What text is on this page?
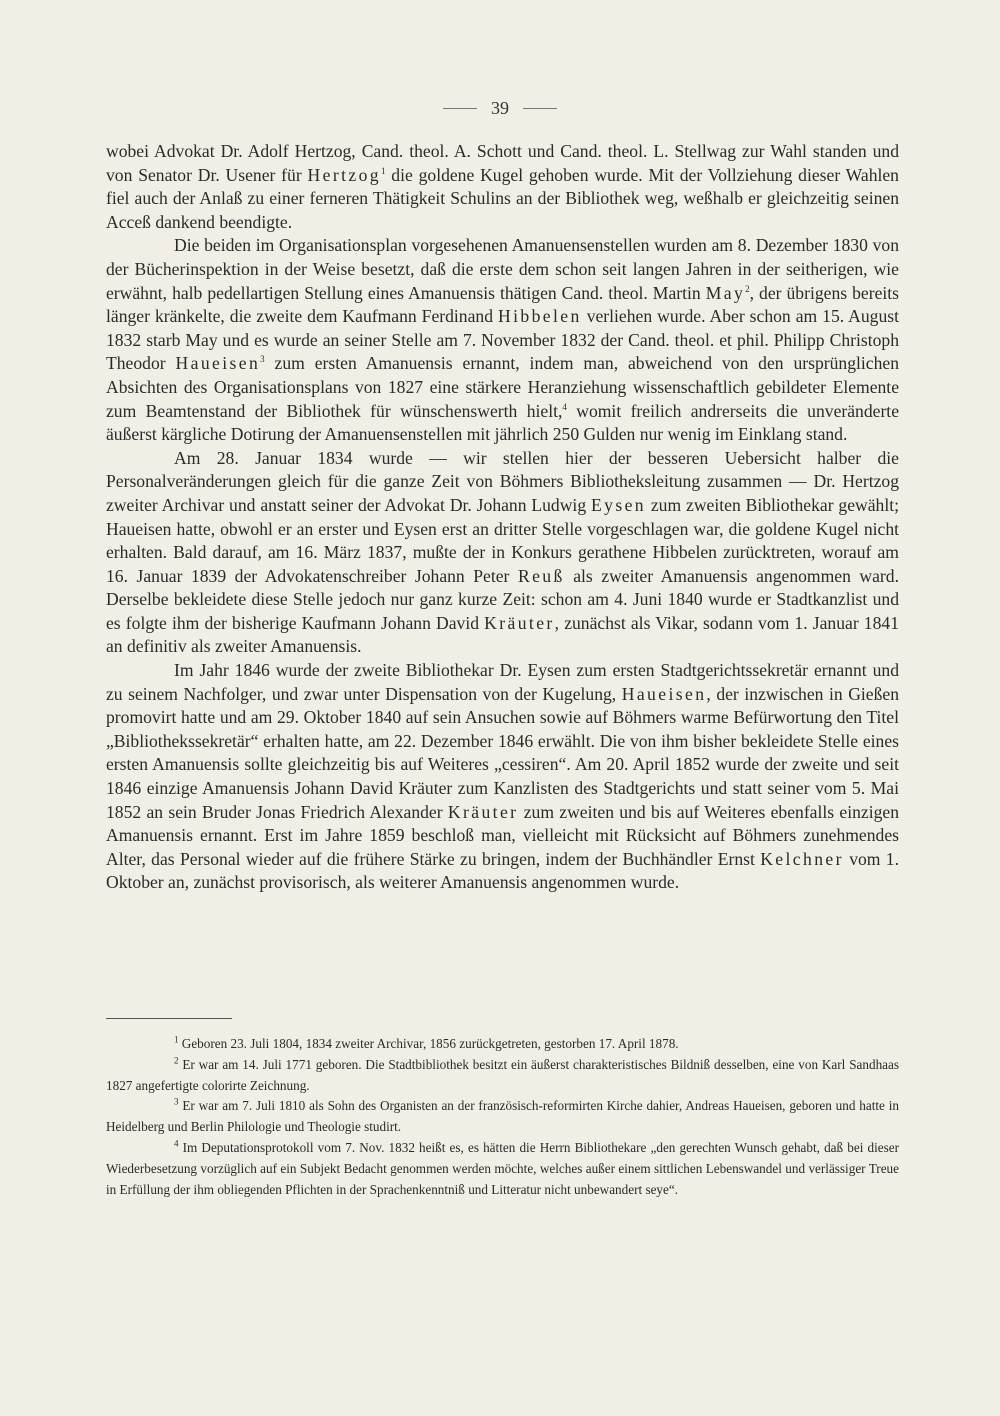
39

wobei Advokat Dr. Adolf Hertzog, Cand. theol. A. Schott und Cand. theol. L. Stellwag zur Wahl standen und von Senator Dr. Usener für Hertzog$^1$ die goldene Kugel gehoben wurde. Mit der Vollziehung dieser Wahlen fiel auch der Anlaß zu einer ferneren Thätigkeit Schulins an der Bibliothek weg, weßhalb er gleichzeitig seinen Acceß dankend beendigte.

Die beiden im Organisationsplan vorgesehenen Amanuensenstellen wurden am 8. Dezember 1830 von der Bücherinspektion in der Weise besetzt, daß die erste dem schon seit langen Jahren in der seitherigen, wie erwähnt, halb pedellartigen Stellung eines Amanuensis thätigen Cand. theol. Martin May$^2$, der übrigens bereits länger kränkelte, die zweite dem Kaufmann Ferdinand Hibbelen verliehen wurde. Aber schon am 15. August 1832 starb May und es wurde an seiner Stelle am 7. November 1832 der Cand. theol. et phil. Philipp Christoph Theodor Haueisen$^3$ zum ersten Amanuensis ernannt, indem man, abweichend von den ursprünglichen Absichten des Organisationsplans von 1827 eine stärkere Heranziehung wissenschaftlich gebildeter Elemente zum Beamtenstand der Bibliothek für wünschenswerth hielt,$^4$ womit freilich andrerseits die unveränderte äußerst kärgliche Dotirung der Amanuensenstellen mit jährlich 250 Gulden nur wenig im Einklang stand.

Am 28. Januar 1834 wurde — wir stellen hier der besseren Uebersicht halber die Personalveränderungen gleich für die ganze Zeit von Böhmers Bibliotheksleitung zusammen — Dr. Hertzog zweiter Archivar und anstatt seiner der Advokat Dr. Johann Ludwig Eysen zum zweiten Bibliothekar gewählt; Haueisen hatte, obwohl er an erster und Eysen erst an dritter Stelle vorgeschlagen war, die goldene Kugel nicht erhalten. Bald darauf, am 16. März 1837, mußte der in Konkurs gerathene Hibbelen zurücktreten, worauf am 16. Januar 1839 der Advokatenschreiber Johann Peter Reuß als zweiter Amanuensis angenommen ward. Derselbe bekleidete diese Stelle jedoch nur ganz kurze Zeit: schon am 4. Juni 1840 wurde er Stadtkanzlist und es folgte ihm der bisherige Kaufmann Johann David Kräuter, zunächst als Vikar, sodann vom 1. Januar 1841 an definitiv als zweiter Amanuensis.

Im Jahr 1846 wurde der zweite Bibliothekar Dr. Eysen zum ersten Stadtgerichtssekretär ernannt und zu seinem Nachfolger, und zwar unter Dispensation von der Kugelung, Haueisen, der inzwischen in Gießen promovirt hatte und am 29. Oktober 1840 auf sein Ansuchen sowie auf Böhmers warme Befürwortung den Titel „Bibliothekssekretär“ erhalten hatte, am 22. Dezember 1846 erwählt. Die von ihm bisher bekleidete Stelle eines ersten Amanuensis sollte gleichzeitig bis auf Weiteres „cessiren“. Am 20. April 1852 wurde der zweite und seit 1846 einzige Amanuensis Johann David Kräuter zum Kanzlisten des Stadtgerichts und statt seiner vom 5. Mai 1852 an sein Bruder Jonas Friedrich Alexander Kräuter zum zweiten und bis auf Weiteres ebenfalls einzigen Amanuensis ernannt. Erst im Jahre 1859 beschloß man, vielleicht mit Rücksicht auf Böhmers zunehmendes Alter, das Personal wieder auf die frühere Stärke zu bringen, indem der Buchhändler Ernst Kelchner vom 1. Oktober an, zunächst provisorisch, als weiterer Amanuensis angenommen wurde.

$^1$ Geboren 23. Juli 1804, 1834 zweiter Archivar, 1856 zurückgetreten, gestorben 17. April 1878.

$^2$ Er war am 14. Juli 1771 geboren. Die Stadtbibliothek besitzt ein äußerst charakteristisches Bildniß desselben, eine von Karl Sandhaas 1827 angefertigte colorirte Zeichnung.

$^3$ Er war am 7. Juli 1810 als Sohn des Organisten an der französisch-reformirten Kirche dahier, Andreas Haueisen, geboren und hatte in Heidelberg und Berlin Philologie und Theologie studirt.

$^4$ Im Deputationsprotokoll vom 7. Nov. 1832 heißt es, es hätten die Herrn Bibliothekare „den gerechten Wunsch gehabt, daß bei dieser Wiederbesetzung vorzüglich auf ein Subjekt Bedacht genommen werden möchte, welches außer einem sittlichen Lebenswandel und verlässiger Treue in Erfüllung der ihm obliegenden Pflichten in der Sprachenkenntniß und Litteratur nicht unbewandert seye“.
